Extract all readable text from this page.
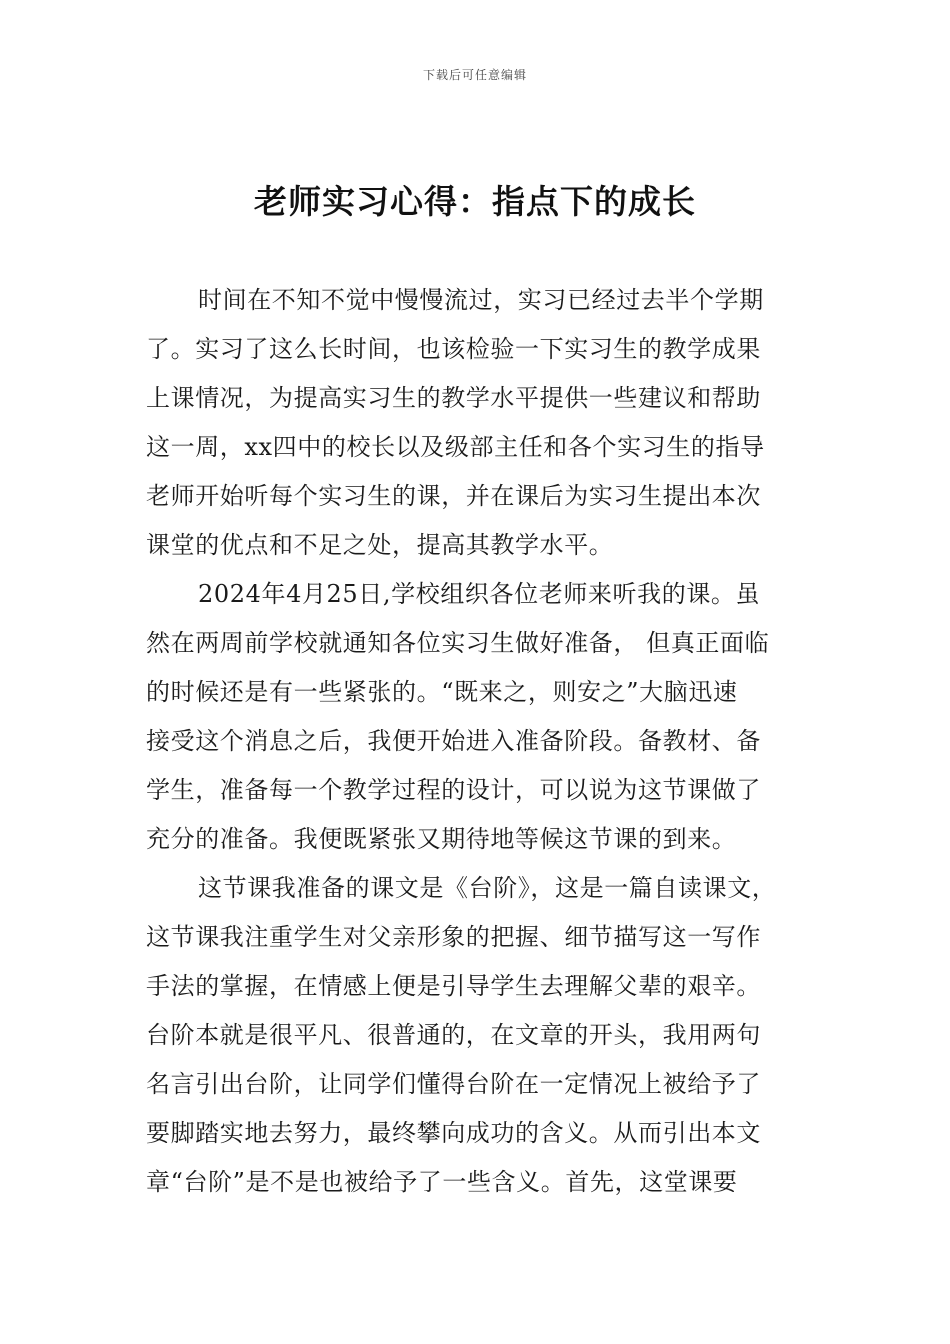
下载后可任意编辑
老师实习心得：指点下的成长
时间在不知不觉中慢慢流过，实习已经过去半个学期
了。实习了这么长时间，也该检验一下实习生的教学成果
上课情况，为提高实习生的教学水平提供一些建议和帮助
这一周，xx四中的校长以及级部主任和各个实习生的指导
老师开始听每个实习生的课，并在课后为实习生提出本次
课堂的优点和不足之处，提高其教学水平。
2024年4月25日,学校组织各位老师来听我的课。虽
然在两周前学校就通知各位实习生做好准备， 但真正面临
的时候还是有一些紧张的。“既来之，则安之”大脑迅速
接受这个消息之后，我便开始进入准备阶段。备教材、备
学生，准备每一个教学过程的设计，可以说为这节课做了
充分的准备。我便既紧张又期待地等候这节课的到来。
这节课我准备的课文是《台阶》，这是一篇自读课文，
这节课我注重学生对父亲形象的把握、细节描写这一写作
手法的掌握，在情感上便是引导学生去理解父辈的艰辛。
台阶本就是很平凡、很普通的，在文章的开头，我用两句
名言引出台阶，让同学们懂得台阶在一定情况上被给予了
要脚踏实地去努力，最终攀向成功的含义。从而引出本文
章“台阶”是不是也被给予了一些含义。首先，这堂课要
